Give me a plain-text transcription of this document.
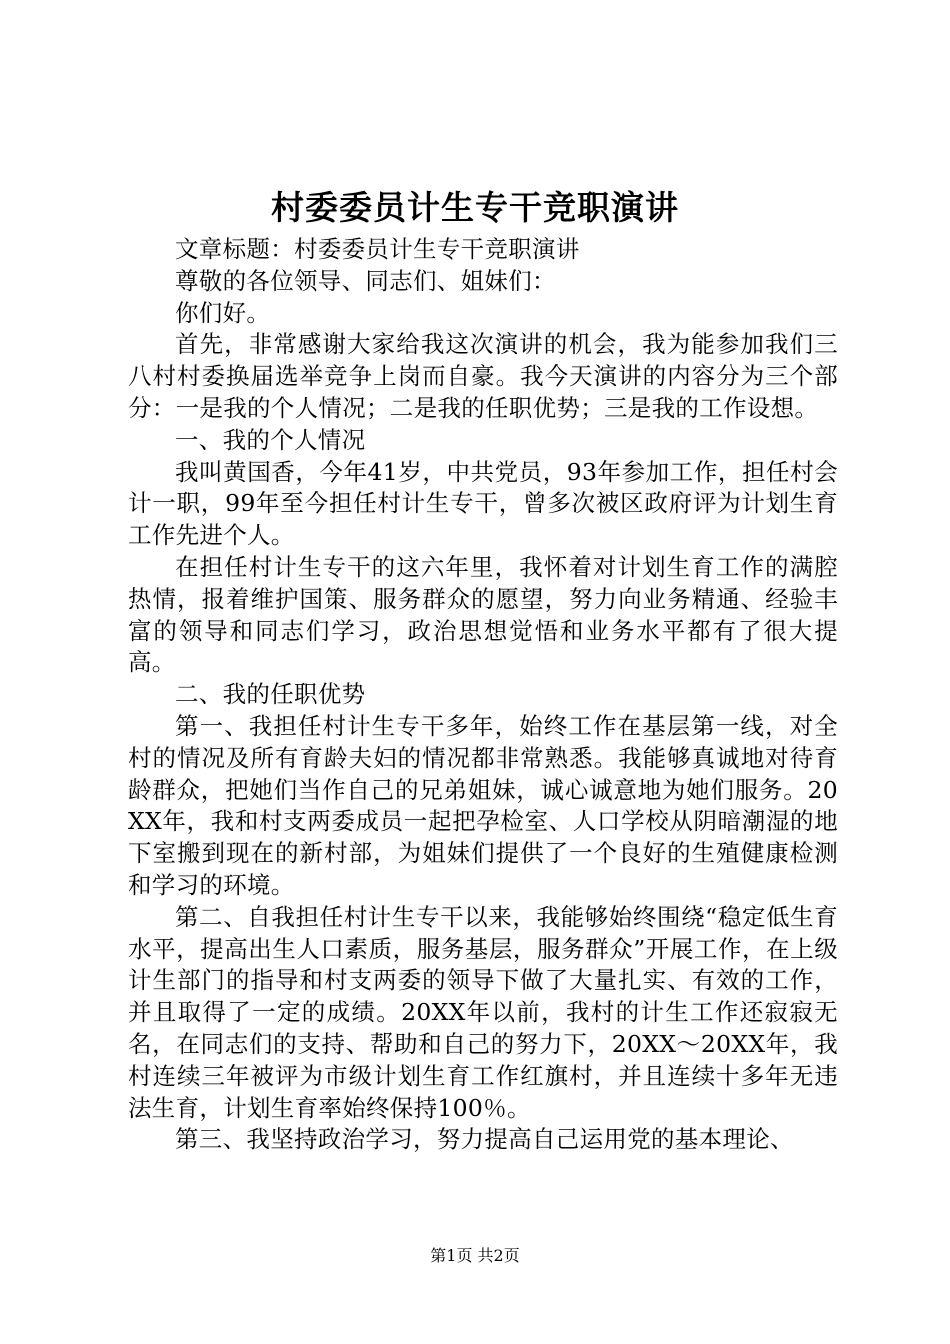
村委委员计生专干竞职演讲

文章标题：村委委员计生专干竞职演讲

尊敬的各位领导、同志们、姐妹们：

你们好。

首先，非常感谢大家给我这次演讲的机会，我为能参加我们三八村村委换届选举竞争上岗而自豪。我今天演讲的内容分为三个部分：一是我的个人情况；二是我的任职优势；三是我的工作设想。

一、我的个人情况

我叫黄国香，今年41岁，中共党员，93年参加工作，担任村会计一职，99年至今担任村计生专干，曾多次被区政府评为计划生育工作先进个人。

在担任村计生专干的这六年里，我怀着对计划生育工作的满腔热情，报着维护国策、服务群众的愿望，努力向业务精通、经验丰富的领导和同志们学习，政治思想觉悟和业务水平都有了很大提高。

二、我的任职优势

第一、我担任村计生专干多年，始终工作在基层第一线，对全村的情况及所有育龄夫妇的情况都非常熟悉。我能够真诚地对待育龄群众，把她们当作自己的兄弟姐妹，诚心诚意地为她们服务。20XX年，我和村支两委成员一起把孕检室、人口学校从阴暗潮湿的地下室搬到现在的新村部，为姐妹们提供了一个良好的生殖健康检测和学习的环境。

第二、自我担任村计生专干以来，我能够始终围绕“稳定低生育水平，提高出生人口素质，服务基层，服务群众”开展工作，在上级计生部门的指导和村支两委的领导下做了大量扎实、有效的工作，并且取得了一定的成绩。20XX年以前，我村的计生工作还寂寂无名，在同志们的支持、帮助和自己的努力下，20XX～20XX年，我村连续三年被评为市级计划生育工作红旗村，并且连续十多年无违法生育，计划生育率始终保持100％。

第三、我坚持政治学习，努力提高自己运用党的基本理论、

第1页 共2页
